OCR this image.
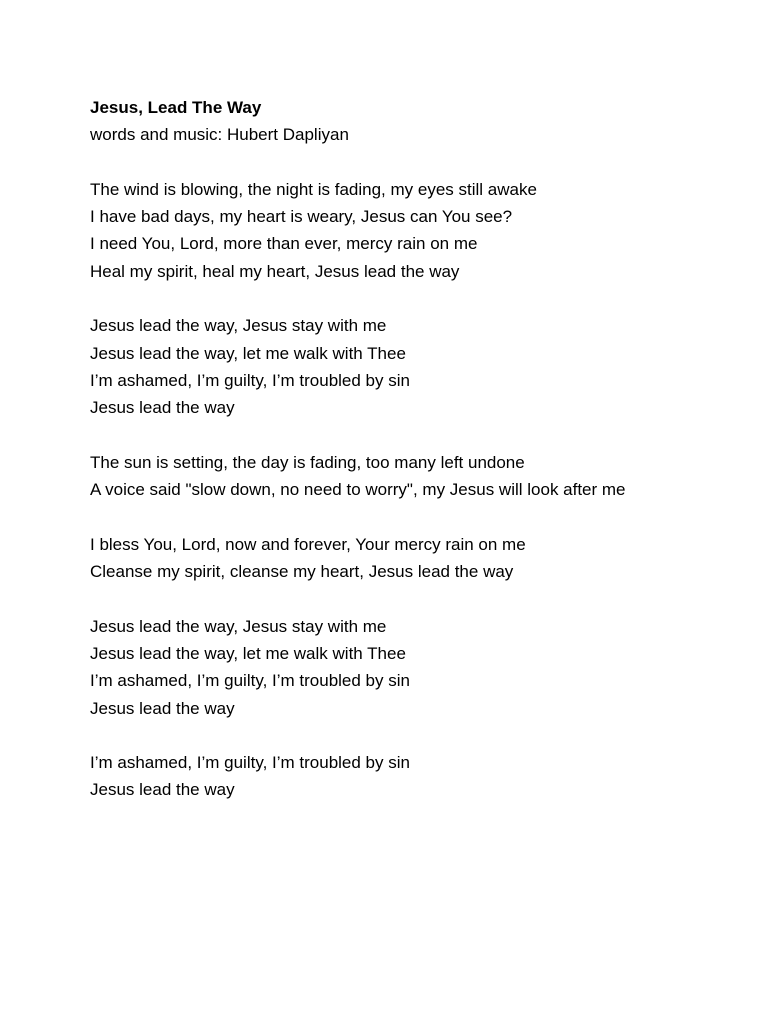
Jesus, Lead The Way
words and music: Hubert Dapliyan
The wind is blowing, the night is fading, my eyes still awake
I have bad days, my heart is weary, Jesus can You see?
I need You, Lord, more than ever, mercy rain on me
Heal my spirit, heal my heart, Jesus lead the way
Jesus lead the way, Jesus stay with me
Jesus lead the way, let me walk with Thee
I’m ashamed, I’m guilty, I’m troubled by sin
Jesus lead the way
The sun is setting, the day is fading, too many left undone
A voice said "slow down, no need to worry", my Jesus will look after me
I bless You, Lord, now and forever, Your mercy rain on me
Cleanse my spirit, cleanse my heart, Jesus lead the way
Jesus lead the way, Jesus stay with me
Jesus lead the way, let me walk with Thee
I’m ashamed, I’m guilty, I’m troubled by sin
Jesus lead the way
I’m ashamed, I’m guilty, I’m troubled by sin
Jesus lead the way
